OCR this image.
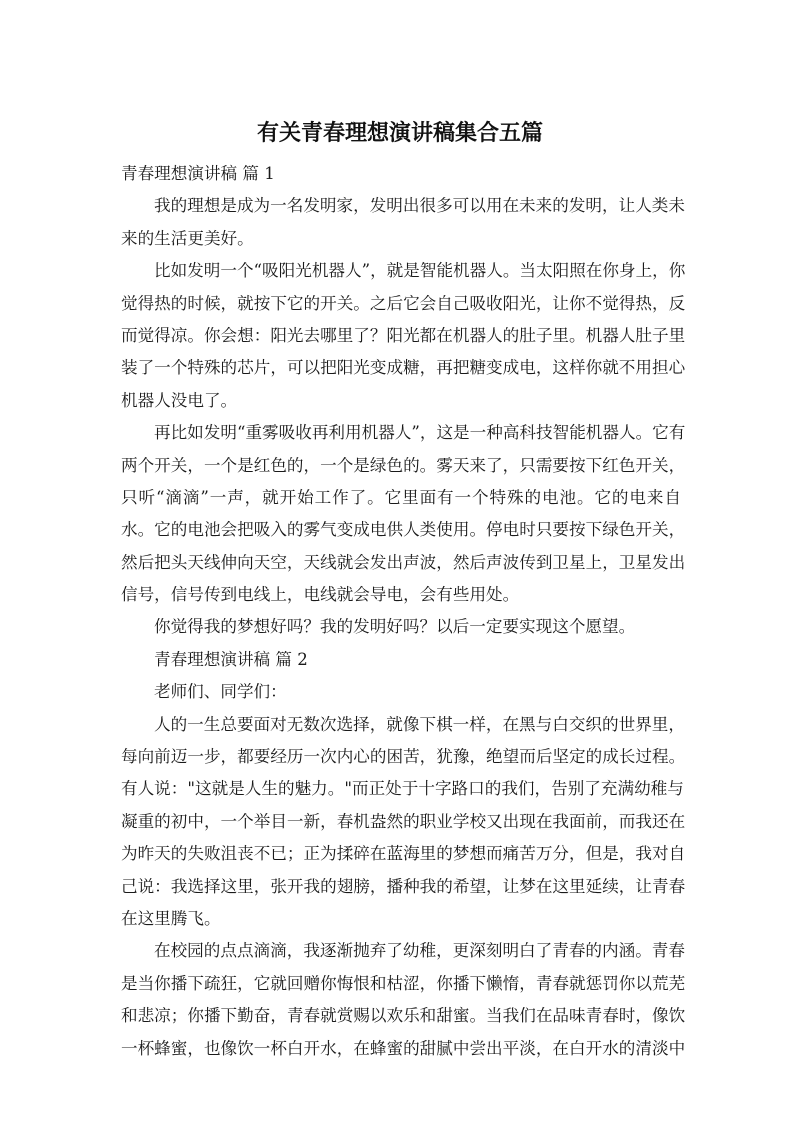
有关青春理想演讲稿集合五篇
青春理想演讲稿 篇 1
我的理想是成为一名发明家，发明出很多可以用在未来的发明，让人类未
来的生活更美好。
比如发明一个“吸阳光机器人”，就是智能机器人。当太阳照在你身上，你
觉得热的时候，就按下它的开关。之后它会自己吸收阳光，让你不觉得热，反
而觉得凉。你会想：阳光去哪里了？阳光都在机器人的肚子里。机器人肚子里
装了一个特殊的芯片，可以把阳光变成糖，再把糖变成电，这样你就不用担心
机器人没电了。
再比如发明“重雾吸收再利用机器人”，这是一种高科技智能机器人。它有
两个开关，一个是红色的，一个是绿色的。雾天来了，只需要按下红色开关，
只听“滴滴”一声，就开始工作了。它里面有一个特殊的电池。它的电来自
水。它的电池会把吸入的雾气变成电供人类使用。停电时只要按下绿色开关，
然后把头天线伸向天空，天线就会发出声波，然后声波传到卫星上，卫星发出
信号，信号传到电线上，电线就会导电，会有些用处。
你觉得我的梦想好吗？我的发明好吗？以后一定要实现这个愿望。
青春理想演讲稿 篇 2
老师们、同学们：
人的一生总要面对无数次选择，就像下棋一样，在黑与白交织的世界里，
每向前迈一步，都要经历一次内心的困苦，犹豫，绝望而后坚定的成长过程。
有人说："这就是人生的魅力。"而正处于十字路口的我们，告别了充满幼稚与
凝重的初中，一个举目一新，春机盎然的职业学校又出现在我面前，而我还在
为昨天的失败沮丧不已；正为揉碎在蓝海里的梦想而痛苦万分，但是，我对自
己说：我选择这里，张开我的翅膀，播种我的希望，让梦在这里延续，让青春
在这里腾飞。
在校园的点点滴滴，我逐渐抛弃了幼稚，更深刻明白了青春的内涵。青春
是当你播下疏狂，它就回赠你悔恨和枯涩，你播下懒惰，青春就惩罚你以荒芜
和悲凉；你播下勤奋，青春就赏赐以欢乐和甜蜜。当我们在品味青春时，像饮
一杯蜂蜜，也像饮一杯白开水，在蜂蜜的甜腻中尝出平淡，在白开水的清淡中
